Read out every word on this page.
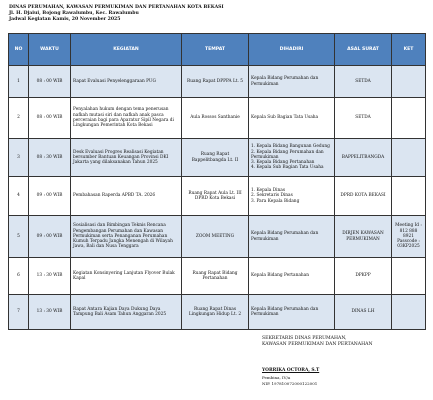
DINAS PERUMAHAN, KAWASAN PERMUKIMAN DAN PERTANAHAN KOTA BEKASI
Jl. H. Djaiui, Bojong Rawalumbu, Kec. Rawalumbu
Jadwal Kegiatan Kamis, 20 November 2025
NO	WAKTU	KEGIATAN	TEMPAT	DIHADIRI	ASAL SURAT	KET
1	08 : 00 WIB	Rapat Evaluasi Penyelenggaraan PUG	Ruang Rapat DPPPA Lt. 5	Kepala Bidang Perumahan dan Permukiman	SETDA	
2	08 : 00 WIB	Penyalahan hukum dengan tema penerusan nafkah mutasi siri dan nafkah anak pasca perceraian bagi para Aparatur Sipil Negara di Lingkungan Pemerintah Kota Bekasi	Aula Rossos Santhanie	Kepala Sub Bagian Tata Usaha	SETDA	
3	08 : 30 WIB	Desk Evaluasi Progres Realisasi Kegiatan bersumber Bantuan Keuangan Provinsi DKI Jakarta yang dilaksanakan Tahun 2025	Ruang Rapat Bappelitbangda Lt. II	1. Kepala Bidang Bangunan Gedung
2. Kepala Bidang Perumahan dan Permukiman
3. Kepala Bidang Pertanahan
4. Kepala Sub Bagian Tata Usaha	BAPPELITBANGDA	
4	09 : 00 WIB	Pembahasan Raperda APBD TA. 2026	Ruang Rapat Aula Lt. III DPRD Kota Bekasi	1. Kepala Dinas
2. Sekretaris Dinas
3. Para Kepala Bidang	DPRD KOTA BEKASI	
5	09 : 00 WIB	Sosialisasi dan Bimbingan Teknis Rencana Pengembangan Perumahan dan Kawasan Permukiman serta Penanganan Perumahan Kumuh Terpadu Jangka Menengah di Wilayah Jawa, Bali dan Nusa Tenggara	ZOOM MEETING	Kepala Bidang Perumahan dan Permukiman	DIRJEN KAWASAN PERMUKIMAN	Meeting Id : 812 888 8921
Passcode : 03KP2025
6	13 : 30 WIB	Kegiatan Konsinyering Lanjutan Flyover Bulak Kapal	Ruang Rapat Bidang Pertanahan	Kepala Bidang Pertanahan	DPKPP	
7	13 : 30 WIB	Rapat Antara Kajian Daya Dukung Daya Tampung Bali Asam Tahun Anggaran 2025	Ruang Rapat Dinas Lingkungan Hidup Lt. 2	Kepala Bidang Perumahan dan Permukiman	DINAS LH	
SEKRETARIS DINAS PERUMAHAN,
KAWASAN PERMUKIMAN DAN PERTANAHAN
YORRIKA OCTORA, S.T
Pembina, IV/a
NIP. 197810072000122001
